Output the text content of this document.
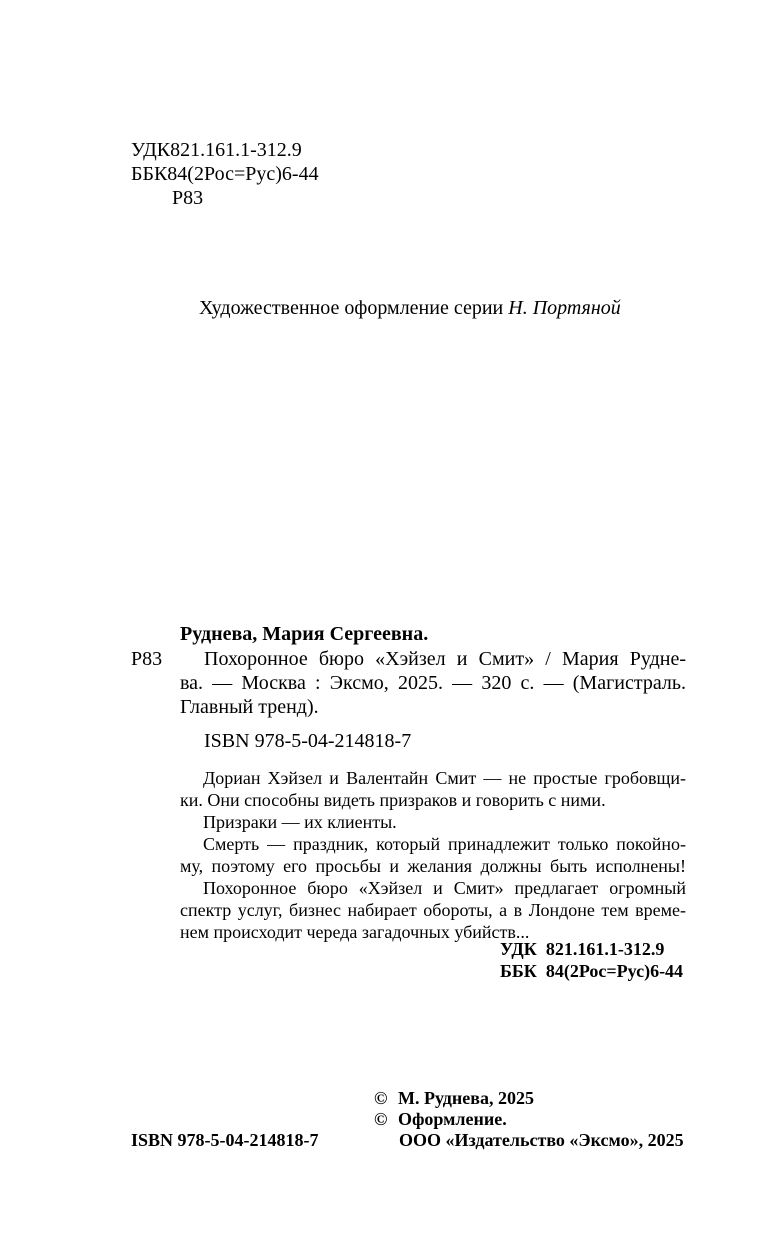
УДК821.161.1-312.9
ББК84(2Рос=Рус)6-44
Р83
Художественное оформление серии Н. Портяной
Руднева, Мария Сергеевна.
Р83 Похоронное бюро «Хэйзел и Смит» / Мария Рудне-
ва. — Москва : Эксмо, 2025. — 320 с. — (Магистраль.
Главный тренд).
ISBN 978-5-04-214818-7
Дориан Хэйзел и Валентайн Смит — не простые гробовщи-
ки. Они способны видеть призраков и говорить с ними.
Призраки — их клиенты.
Смерть — праздник, который принадлежит только покойно-
му, поэтому его просьбы и желания должны быть исполнены!
Похоронное бюро «Хэйзел и Смит» предлагает огромный
спектр услуг, бизнес набирает обороты, а в Лондоне тем време-
нем происходит череда загадочных убийств...
УДК  821.161.1-312.9
ББК  84(2Рос=Рус)6-44
© М. Руднева, 2025
© Оформление.
ISBN 978-5-04-214818-7	ООО «Издательство «Эксмо», 2025
